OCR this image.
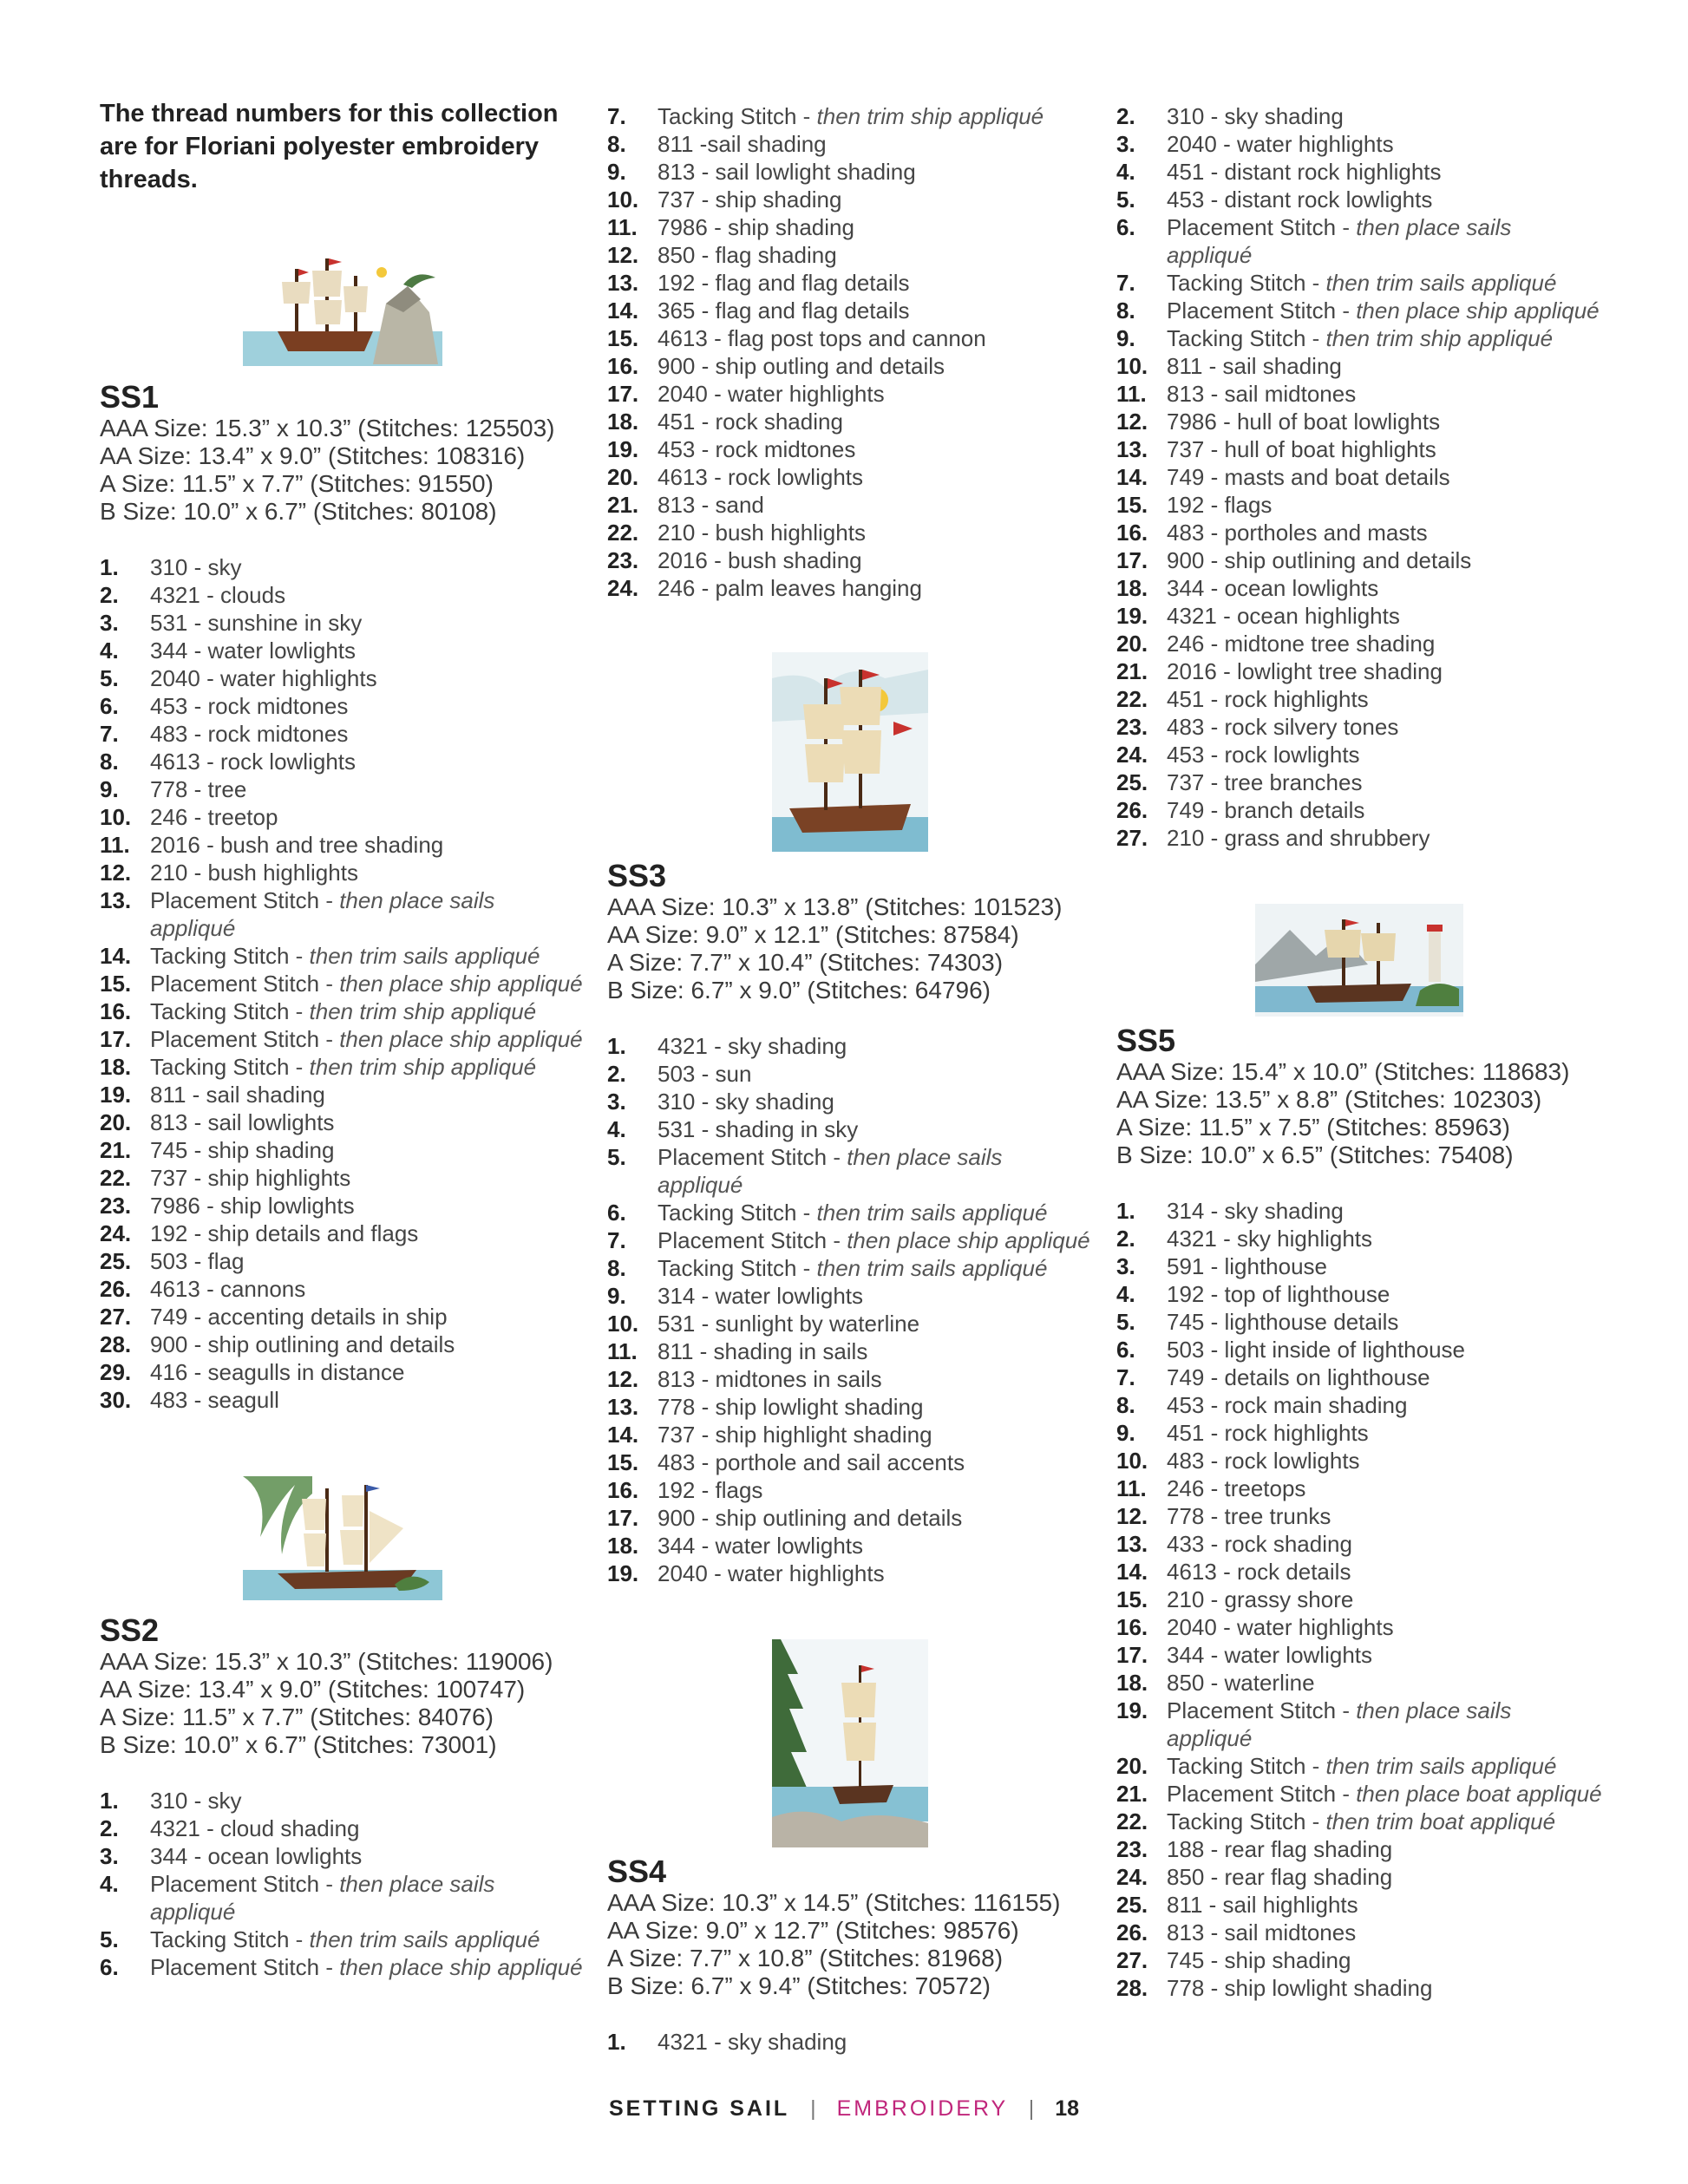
The thread numbers for this collection are for Floriani polyester embroidery threads.

SS1
AAA Size: 15.3” x 10.3” (Stitches: 125503)
AA Size: 13.4” x 9.0” (Stitches: 108316)
A Size: 11.5” x 7.7” (Stitches: 91550)
B Size: 10.0” x 6.7” (Stitches: 80108)
1.	310 - sky
2.	4321 - clouds
3.	531 - sunshine in sky
4.	344 - water lowlights
5.	2040 - water highlights
6.	453 - rock midtones
7.	483 - rock midtones
8.	4613 - rock lowlights
9.	778 - tree
10. 246 - treetop
11. 2016 - bush and tree shading
12. 210 - bush highlights
13. Placement Stitch - then place sails appliqué
14. Tacking Stitch - then trim sails appliqué
15. Placement Stitch - then place ship appliqué
16. Tacking Stitch - then trim ship appliqué
17. Placement Stitch - then place ship appliqué
18. Tacking Stitch - then trim ship appliqué
19. 811 - sail shading
20. 813 - sail lowlights
21. 745 - ship shading
22. 737 - ship highlights
23. 7986 - ship lowlights
24. 192 - ship details and flags
25. 503 - flag
26. 4613 - cannons
27. 749 - accenting details in ship
28. 900 - ship outlining and details
29. 416 - seagulls in distance
30. 483 - seagull
SS2
AAA Size: 15.3” x 10.3” (Stitches: 119006)
AA Size: 13.4” x 9.0” (Stitches: 100747)
A Size: 11.5” x 7.7” (Stitches: 84076)
B Size: 10.0” x 6.7” (Stitches: 73001)
1.	310 - sky
2.	4321 - cloud shading
3.	344 - ocean lowlights
4.	Placement Stitch - then place sails appliqué
5.	Tacking Stitch - then trim sails appliqué
6.	Placement Stitch - then place ship appliqué
7.	Tacking Stitch - then trim ship appliqué
8.	811 -sail shading
9.	813 - sail lowlight shading
10. 737 - ship shading
11. 7986 - ship shading
12. 850 - flag shading
13. 192 - flag and flag details
14. 365 - flag and flag details
15. 4613 - flag post tops and cannon
16. 900 - ship outling and details
17. 2040 - water highlights
18. 451 - rock shading
19. 453 - rock midtones
20. 4613 - rock lowlights
21. 813 - sand
22. 210 - bush highlights
23. 2016 - bush shading
24. 246 - palm leaves hanging
SS3
AAA Size: 10.3” x 13.8” (Stitches: 101523)
AA Size: 9.0” x 12.1” (Stitches: 87584)
A Size: 7.7” x 10.4” (Stitches: 74303)
B Size: 6.7” x 9.0” (Stitches: 64796)
1.	4321 - sky shading
2.	503 - sun
3.	310 - sky shading
4.	531 - shading in sky
5.	Placement Stitch - then place sails appliqué
6.	Tacking Stitch - then trim sails appliqué
7.	Placement Stitch - then place ship appliqué
8.	Tacking Stitch - then trim sails appliqué
9.	314 - water lowlights
10. 531 - sunlight by waterline
11. 811 - shading in sails
12. 813 - midtones in sails
13. 778 - ship lowlight shading
14. 737 - ship highlight shading
15. 483 - porthole and sail accents
16. 192 - flags
17. 900 - ship outlining and details
18. 344 - water lowlights
19. 2040 - water highlights
SS4
AAA Size: 10.3” x 14.5” (Stitches: 116155)
AA Size: 9.0” x 12.7” (Stitches: 98576)
A Size: 7.7” x 10.8” (Stitches: 81968)
B Size: 6.7” x 9.4” (Stitches: 70572)
1.	4321 - sky shading
2.	310 - sky shading
3.	2040 - water highlights
4.	451 - distant rock highlights
5.	453 - distant rock lowlights
6.	Placement Stitch - then place sails appliqué
7.	Tacking Stitch - then trim sails appliqué
8.	Placement Stitch - then place ship appliqué
9.	Tacking Stitch - then trim ship appliqué
10. 811 - sail shading
11. 813 - sail midtones
12. 7986 - hull of boat lowlights
13. 737 - hull of boat highlights
14. 749 - masts and boat details
15. 192 - flags
16. 483 - portholes and masts
17. 900 - ship outlining and details
18. 344 - ocean lowlights
19. 4321 - ocean highlights
20. 246 - midtone tree shading
21. 2016 - lowlight tree shading
22. 451 - rock highlights
23. 483 - rock silvery tones
24. 453 - rock lowlights
25. 737 - tree branches
26. 749 - branch details
27. 210 - grass and shrubbery
SS5
AAA Size: 15.4” x 10.0” (Stitches: 118683)
AA Size: 13.5” x 8.8” (Stitches: 102303)
A Size: 11.5” x 7.5” (Stitches: 85963)
B Size: 10.0” x 6.5” (Stitches: 75408)
1.	314 - sky shading
2.	4321 - sky highlights
3.	591 - lighthouse
4.	192 - top of lighthouse
5.	745 - lighthouse details
6.	503 - light inside of lighthouse
7.	749 - details on lighthouse
8.	453 - rock main shading
9.	451 - rock highlights
10. 483 - rock lowlights
11. 246 - treetops
12. 778 - tree trunks
13. 433 - rock shading
14. 4613 - rock details
15. 210 - grassy shore
16. 2040 - water highlights
17. 344 - water lowlights
18. 850 - waterline
19. Placement Stitch - then place sails appliqué
20. Tacking Stitch - then trim sails appliqué
21. Placement Stitch - then place boat appliqué
22. Tacking Stitch - then trim boat appliqué
23. 188 - rear flag shading
24. 850 - rear flag shading
25. 811 - sail highlights
26. 813 - sail midtones
27. 745 - ship shading
28. 778 - ship lowlight shading
SETTING SAIL | EMBROIDERY | 18
